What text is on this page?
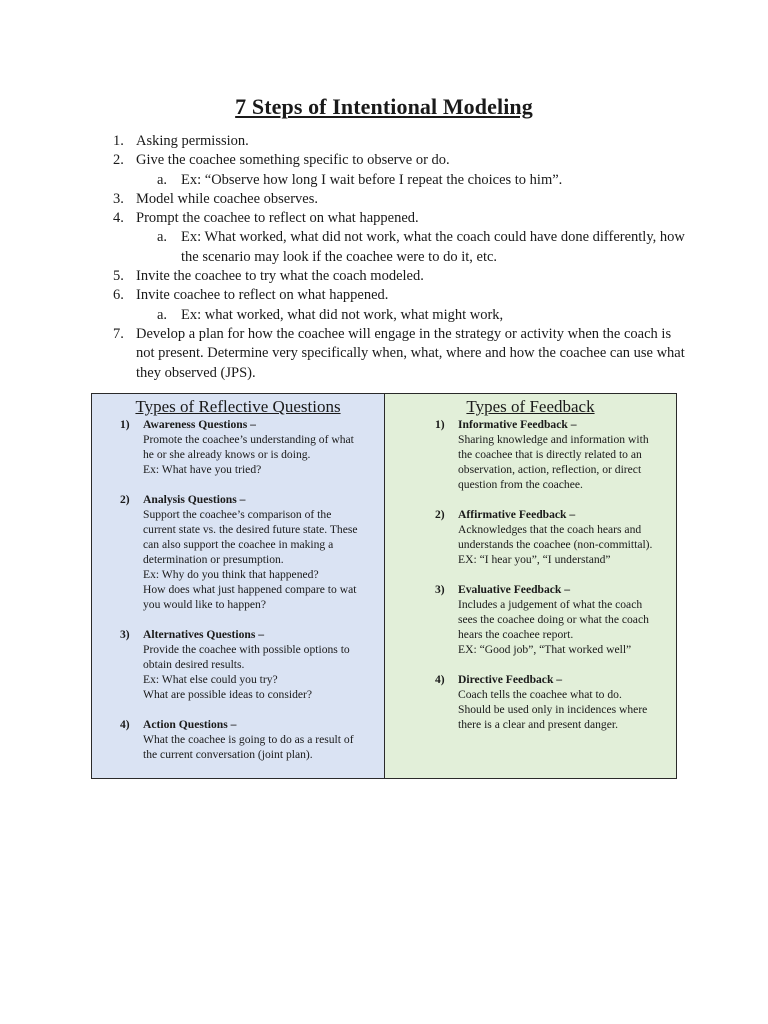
7 Steps of Intentional Modeling
1. Asking permission.
2. Give the coachee something specific to observe or do.
a. Ex: “Observe how long I wait before I repeat the choices to him”.
3. Model while coachee observes.
4. Prompt the coachee to reflect on what happened.
a. Ex: What worked, what did not work, what the coach could have done differently, how the scenario may look if the coachee were to do it, etc.
5. Invite the coachee to try what the coach modeled.
6. Invite coachee to reflect on what happened.
a. Ex: what worked, what did not work, what might work,
7. Develop a plan for how the coachee will engage in the strategy or activity when the coach is not present. Determine very specifically when, what, where and how the coachee can use what they observed (JPS).
Types of Reflective Questions
1) Awareness Questions –
Promote the coachee’s understanding of what
he or she already knows or is doing.
Ex: What have you tried?
2) Analysis Questions –
Support the coachee’s comparison of the
current state vs. the desired future state. These
can also support the coachee in making a
determination or presumption.
Ex: Why do you think that happened?
How does what just happened compare to wat
you would like to happen?
3) Alternatives Questions –
Provide the coachee with possible options to
obtain desired results.
Ex: What else could you try?
What are possible ideas to consider?
4) Action Questions –
What the coachee is going to do as a result of
the current conversation (joint plan).
Types of Feedback
1) Informative Feedback –
Sharing knowledge and information with
the coachee that is directly related to an
observation, action, reflection, or direct
question from the coachee.
2) Affirmative Feedback –
Acknowledges that the coach hears and
understands the coachee (non-committal).
EX: “I hear you”, “I understand”
3) Evaluative Feedback –
Includes a judgement of what the coach
sees the coachee doing or what the coach
hears the coachee report.
EX: “Good job”, “That worked well”
4) Directive Feedback –
Coach tells the coachee what to do.
Should be used only in incidences where
there is a clear and present danger.
